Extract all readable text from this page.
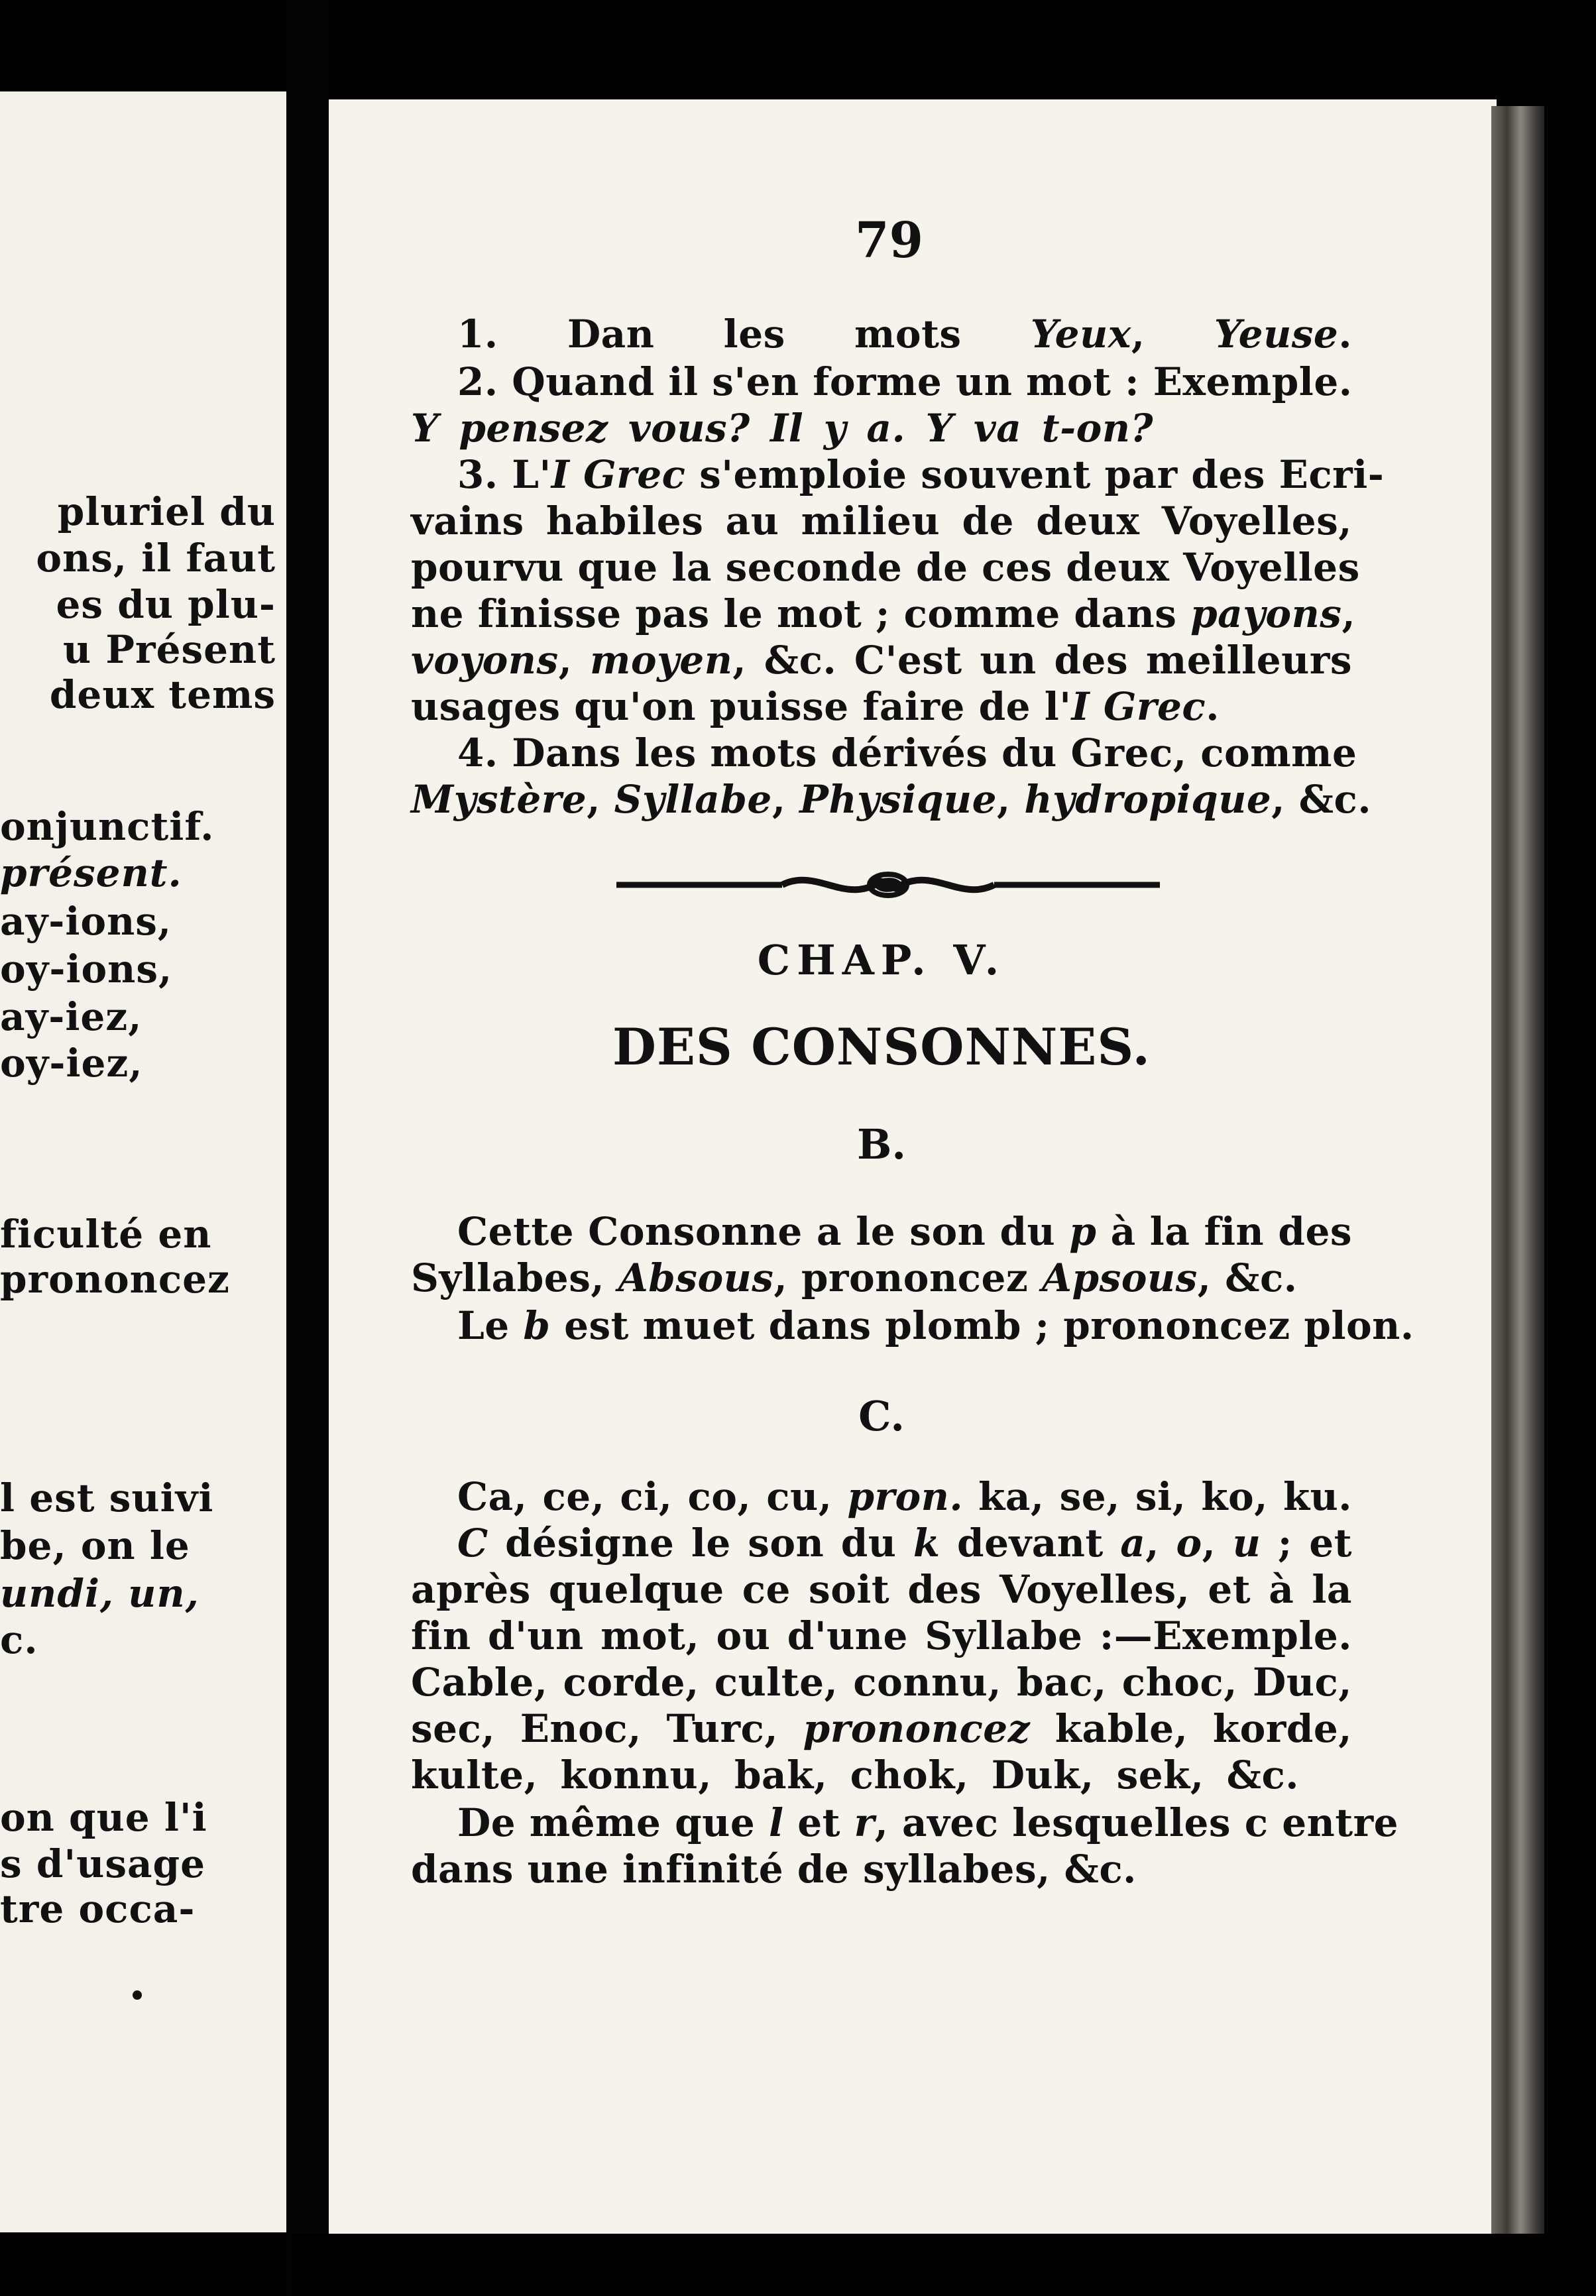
pluriel du
ons, il faut
es du plu-
u Présent
deux tems
onjunctif.
présent.
ay-ions,
oy-ions,
ay-iez,
oy-iez,
ficulté en
prononcez
l est suivi
be, on le
undi, un,
c.
on que l'i
s d'usage
tre occa-
79
1. Dan les mots Yeux, Yeuse.
2. Quand il s'en forme un mot : Exemple.
Y pensez vous? Il y a. Y va t-on?
3. L'I Grec s'emploie souvent par des Ecri-
vains habiles au milieu de deux Voyelles,
pourvu que la seconde de ces deux Voyelles
ne finisse pas le mot ; comme dans payons,
voyons, moyen, &c. C'est un des meilleurs
usages qu'on puisse faire de l'I Grec.
4. Dans les mots dérivés du Grec, comme
Mystère, Syllabe, Physique, hydropique, &c.
CHAP. V.
DES CONSONNES.
B.
Cette Consonne a le son du p à la fin des
Syllabes, Absous, prononcez Apsous, &c.
Le b est muet dans plomb ; prononcez plon.
C.
Ca, ce, ci, co, cu, pron. ka, se, si, ko, ku.
C désigne le son du k devant a, o, u ; et
après quelque ce soit des Voyelles, et à la
fin d'un mot, ou d'une Syllabe :—Exemple.
Cable, corde, culte, connu, bac, choc, Duc,
sec, Enoc, Turc, prononcez kable, korde,
kulte, konnu, bak, chok, Duk, sek, &c.
De même que l et r, avec lesquelles c entre
dans une infinité de syllabes, &c.
